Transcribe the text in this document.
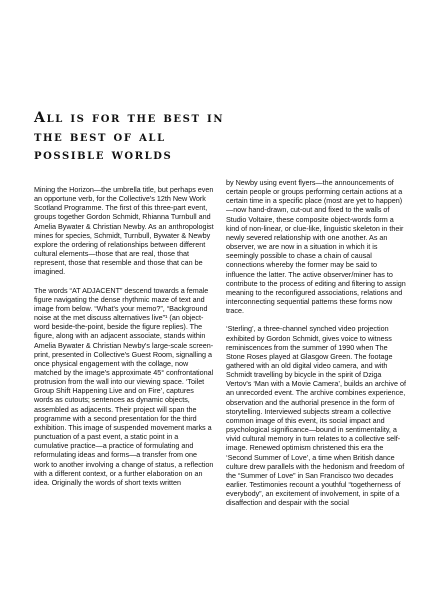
All is for the best in the best of all possible worlds

Mining the Horizon—the umbrella title, but perhaps even an opportune verb, for the Collective's 12th New Work Scotland Programme. The first of this three-part event, groups together Gordon Schmidt, Rhianna Turnbull and Amelia Bywater & Christian Newby. As an anthropologist mines for species, Schmidt, Turnbull, Bywater & Newby explore the ordering of relationships between different cultural elements—those that are real, those that represent, those that resemble and those that can be imagined.

The words “AT ADJACENT” descend towards a female figure navigating the dense rhythmic maze of text and image from below. “What's your memo?”, “Background noise at the met discuss alternatives live”¹ (an object-word beside-the-point, beside the figure replies). The figure, along with an adjacent associate, stands within Amelia Bywater & Christian Newby's large-scale screen-print, presented in Collective's Guest Room, signalling a once physical engagement with the collage, now matched by the image's approximate 45° confrontational protrusion from the wall into our viewing space. ‘Toilet Group Shift Happening Live and on Fire’, captures words as cutouts; sentences as dynamic objects, assembled as adjacents. Their project will span the programme with a second presentation for the third exhibition. This image of suspended movement marks a punctuation of a past event, a static point in a cumulative practice—a practice of formulating and reformulating ideas and forms—a transfer from one work to another involving a change of status, a reflection with a different context, or a further elaboration on an idea. Originally the words of short texts written

by Newby using event flyers—the announcements of certain people or groups performing certain actions at a certain time in a specific place (most are yet to happen)—now hand-drawn, cut-out and fixed to the walls of Studio Voltaire, these composite object-words form a kind of non-linear, or clue-like, linguistic skeleton in their newly severed relationship with one another. As an observer, we are now in a situation in which it is seemingly possible to chase a chain of causal connections whereby the former may be said to influence the latter. The active observer/miner has to contribute to the process of editing and filtering to assign meaning to the reconfigured associations, relations and interconnecting sequential patterns these forms now trace.

‘Sterling’, a three-channel synched video projection exhibited by Gordon Schmidt, gives voice to witness reminiscences from the summer of 1990 when The Stone Roses played at Glasgow Green. The footage gathered with an old digital video camera, and with Schmidt travelling by bicycle in the spirit of Dziga Vertov's ‘Man with a Movie Camera’, builds an archive of an unrecorded event. The archive combines experience, observation and the authorial presence in the form of storytelling. Interviewed subjects stream a collective common image of this event, its social impact and psychological significance—bound in sentimentality, a vivid cultural memory in turn relates to a collective self-image. Renewed optimism christened this era the ‘Second Summer of Love’, a time when British dance culture drew parallels with the hedonism and freedom of the “Summer of Love” in San Francisco two decades earlier. Testimonies recount a youthful “togetherness of everybody”, an excitement of involvement, in spite of a disaffection and despair with the social
